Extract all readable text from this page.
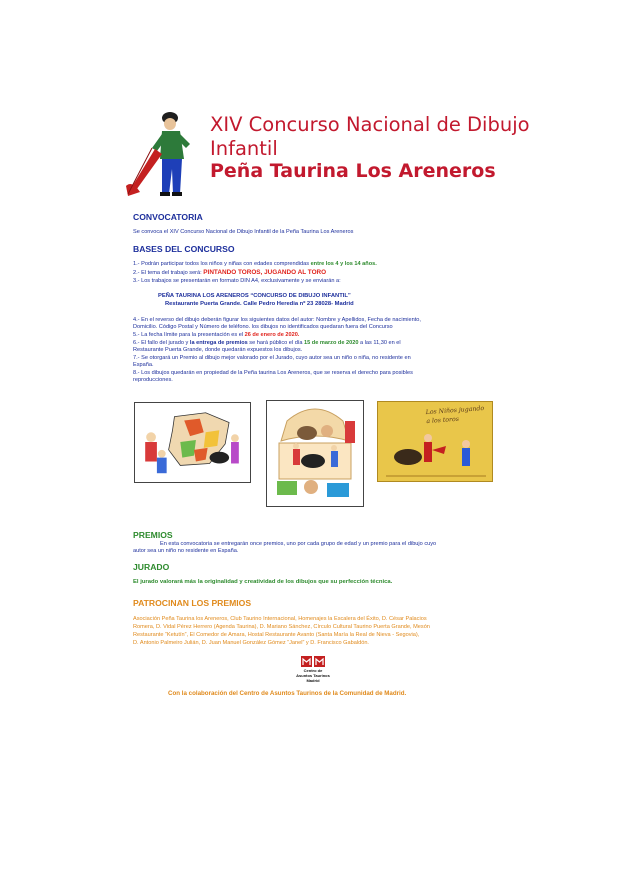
XIV Concurso Nacional de Dibujo
Infantil
Peña Taurina Los Areneros
CONVOCATORIA
Se convoca el XIV Concurso Nacional de Dibujo Infantil de la Peña Taurina Los Areneros
BASES DEL CONCURSO
1.- Podrán participar todos los niños y niñas con edades comprendidas entre los 4 y los 14 años.
2.- El tema del trabajo será: PINTANDO TOROS, JUGANDO AL TORO
3.- Los trabajos se presentarán en formato DIN A4, exclusivamente y se enviarán a:
PEÑA TAURINA LOS ARENEROS “CONCURSO DE DIBUJO INFANTIL”
Restaurante Puerta Grande. Calle Pedro Heredia nº 23 28028- Madrid
4.- En el reverso del dibujo deberán figurar los siguientes datos del autor: Nombre y Apellidos, Fecha de nacimiento,
Domicilio. Código Postal y Número de teléfono. los dibujos no identificados quedaran fuera del Concurso
5.- La fecha límite para la presentación es el 26 de enero de 2020.
6.- El fallo del jurado y la entrega de premios se hará público el día 15 de marzo de 2020 a las 11,30 en el
Restaurante Puerta Grande, donde quedarán expuestos los dibujos.
7.- Se otorgará un Premio al dibujo mejor valorado por el Jurado, cuyo autor sea un niño o niña, no residente en
España.
8.- Los dibujos quedarán en propiedad de la Peña taurina Los Areneros, que se reserva el derecho para posibles
reproducciones.
Los Niños jugando a los toros
PREMIOS
En esta convocatoria se entregarán once premios, uno por cada grupo de edad y un premio para el dibujo cuyo
autor sea un niño no residente en España.
JURADO
El jurado valorará más la originalidad y creatividad de los dibujos que su perfección técnica.
PATROCINAN LOS PREMIOS
Asociación Peña Taurina los Areneros, Club Taurino Internacional, Homenajes la Escalera del Éxito, D. César Palacios
Romera, D. Vidal Pérez Herrero (Agenda Taurina), D. Mariano Sánchez, Círculo Cultural Taurino Puerta Grande, Mesón
Restaurante “Ketutín”, El Comedor de Amara, Hostal Restaurante Avanto (Santa María la Real de Nieva - Segovia),
D. Antonio Palmeiro Julián, D. Juan Manuel González Gómez “Janel” y D. Francisco Gabaldón.
Centro de
Asuntos Taurinos
Madrid
Con la colaboración del Centro de Asuntos Taurinos de la Comunidad de Madrid.
